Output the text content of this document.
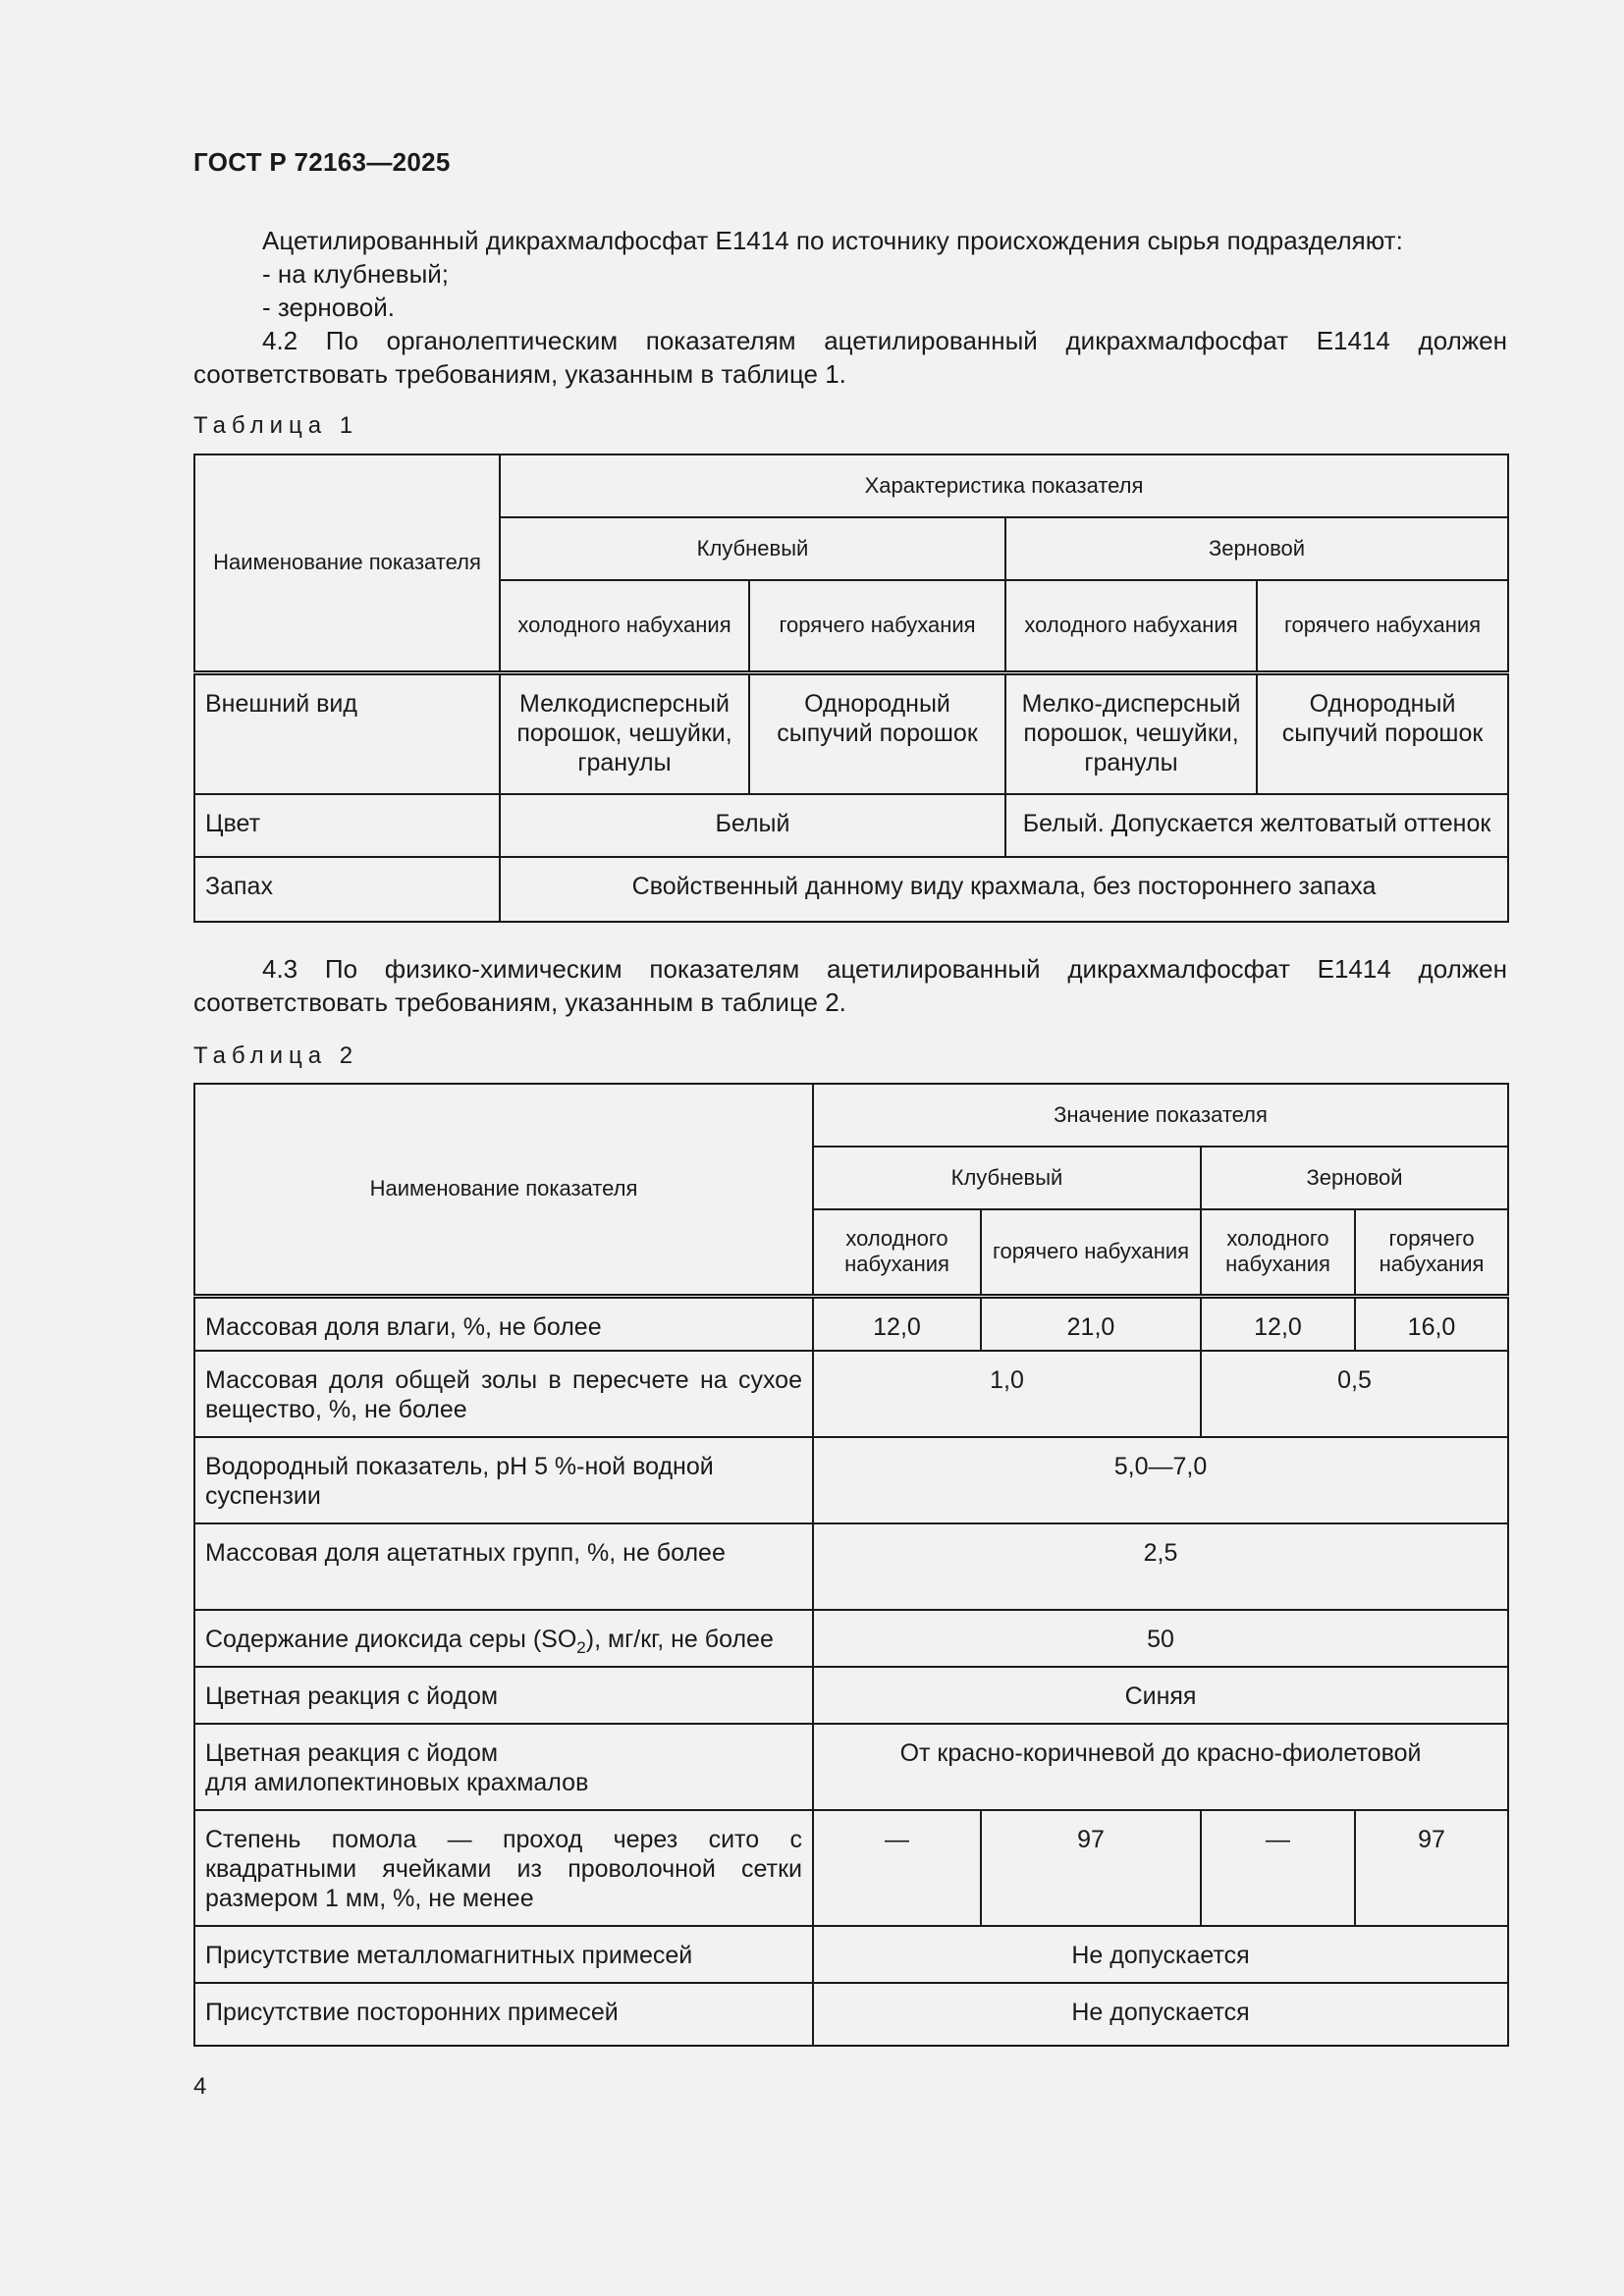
ГОСТ Р 72163—2025

Ацетилированный дикрахмалфосфат Е1414 по источнику происхождения сырья подразделяют:

- на клубневый;

- зерновой.

4.2 По органолептическим показателям ацетилированный дикрахмалфосфат Е1414 должен соответствовать требованиям, указанным в таблице 1.

Таблица 1
Наименование показателя	Характеристика показателя			
	Клубневый		Зерновой	
	холодного набухания	горячего набухания	холодного набухания	горячего набухания
Внешний вид	Мелкодисперсный порошок, чешуйки, гранулы	Однородный сыпучий порошок	Мелко-дисперсный порошок, чешуйки, гранулы	Однородный сыпучий порошок
Цвет	Белый		Белый. Допускается желтоватый оттенок	
Запах	Свойственный данному виду крахмала, без постороннего запаха			

4.3 По физико-химическим показателям ацетилированный дикрахмалфосфат Е1414 должен соответствовать требованиям, указанным в таблице 2.

Таблица 2
Наименование показателя	Значение показателя			
	Клубневый		Зерновой	
	холодного набухания	горячего набухания	холодного набухания	горячего набухания
Массовая доля влаги, %, не более	12,0	21,0	12,0	16,0
Массовая доля общей золы в пересчете на сухое вещество, %, не более	1,0		0,5	
Водородный показатель, pH 5 %-ной водной суспензии	5,0—7,0			
Массовая доля ацетатных групп, %, не более	2,5			
Содержание диоксида серы $(SO_2)$, мг/кг, не более	50			
Цветная реакция с йодом	Синяя			

Цветная реакция с йодом
для амилопектиновых крахмалов	От красно-коричневой до красно-фиолетовой			
Степень помола — проход через сито с квадратными ячейками из проволочной сетки размером 1 мм, %, не менее	—	97	—	97
Присутствие металломагнитных примесей	Не допускается			
Присутствие посторонних примесей	Не допускается			
4
